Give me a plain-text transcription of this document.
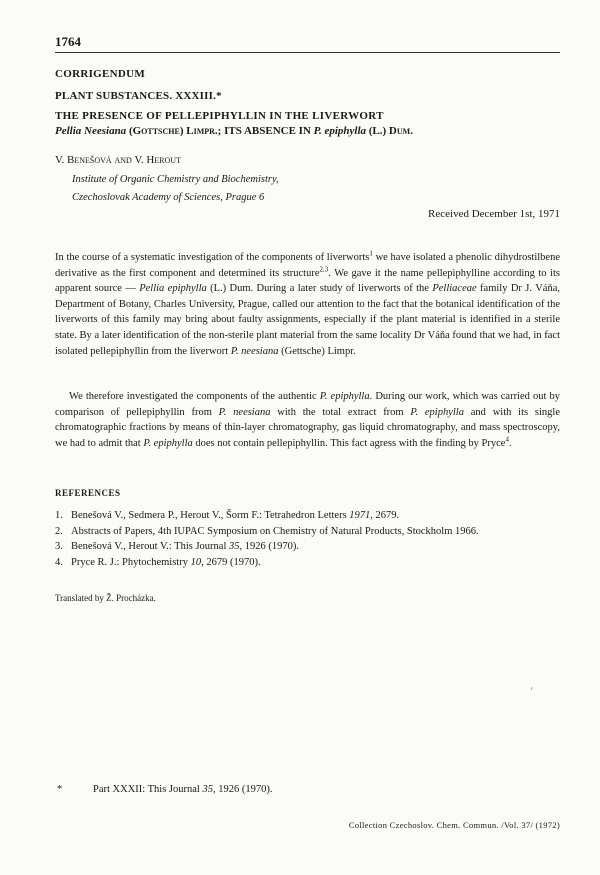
1764
CORRIGENDUM
PLANT SUBSTANCES. XXXIII.*
THE PRESENCE OF PELLEPIPHYLLIN IN THE LIVERWORT
Pellia Neesiana (Gottsche) Limpr.; ITS ABSENCE IN P. epiphylla (L.) Dum.
V. Benešová and V. Herout
Institute of Organic Chemistry and Biochemistry,
Czechoslovak Academy of Sciences, Prague 6
Received December 1st, 1971

In the course of a systematic investigation of the components of liverworts$^1$ we have isolated a phenolic dihydrostilbene derivative as the first component and determined its structure$^{2,3}$. We gave it the name pellepiphylline according to its apparent source — Pellia epiphylla (L.) Dum. During a later study of liverworts of the Pelliaceae family Dr J. Váňa, Department of Botany, Charles University, Prague, called our attention to the fact that the botanical identification of the liverworts of this family may bring about faulty assignments, especially if the plant material is identified in a sterile state. By a later identification of the non-sterile plant material from the same locality Dr Váňa found that we had, in fact isolated pellepiphyllin from the liverwort P. neesiana (Gettsche) Limpr.

We therefore investigated the components of the authentic P. epiphylla. During our work, which was carried out by comparison of pellepiphyllin from P. neesiana with the total extract from P. epiphylla and with its single chromatographic fractions by means of thin-layer chromatography, gas liquid chromatography, and mass spectroscopy, we had to admit that P. epiphylla does not contain pellepiphyllin. This fact agress with the finding by Pryce$^4$.

REFERENCES
1. Benešová V., Sedmera P., Herout V., Šorm F.: Tetrahedron Letters 1971, 2679.
2. Abstracts of Papers, 4th IUPAC Symposium on Chemistry of Natural Products, Stockholm 1966.
3. Benešová V., Herout V.: This Journal 35, 1926 (1970).
4. Pryce R. J.: Phytochemistry 10, 2679 (1970).
Translated by Ž. Procházka.
'
*	Part XXXII: This Journal 35, 1926 (1970).
Collection Czechoslov. Chem. Commun. /Vol. 37/ (1972)
